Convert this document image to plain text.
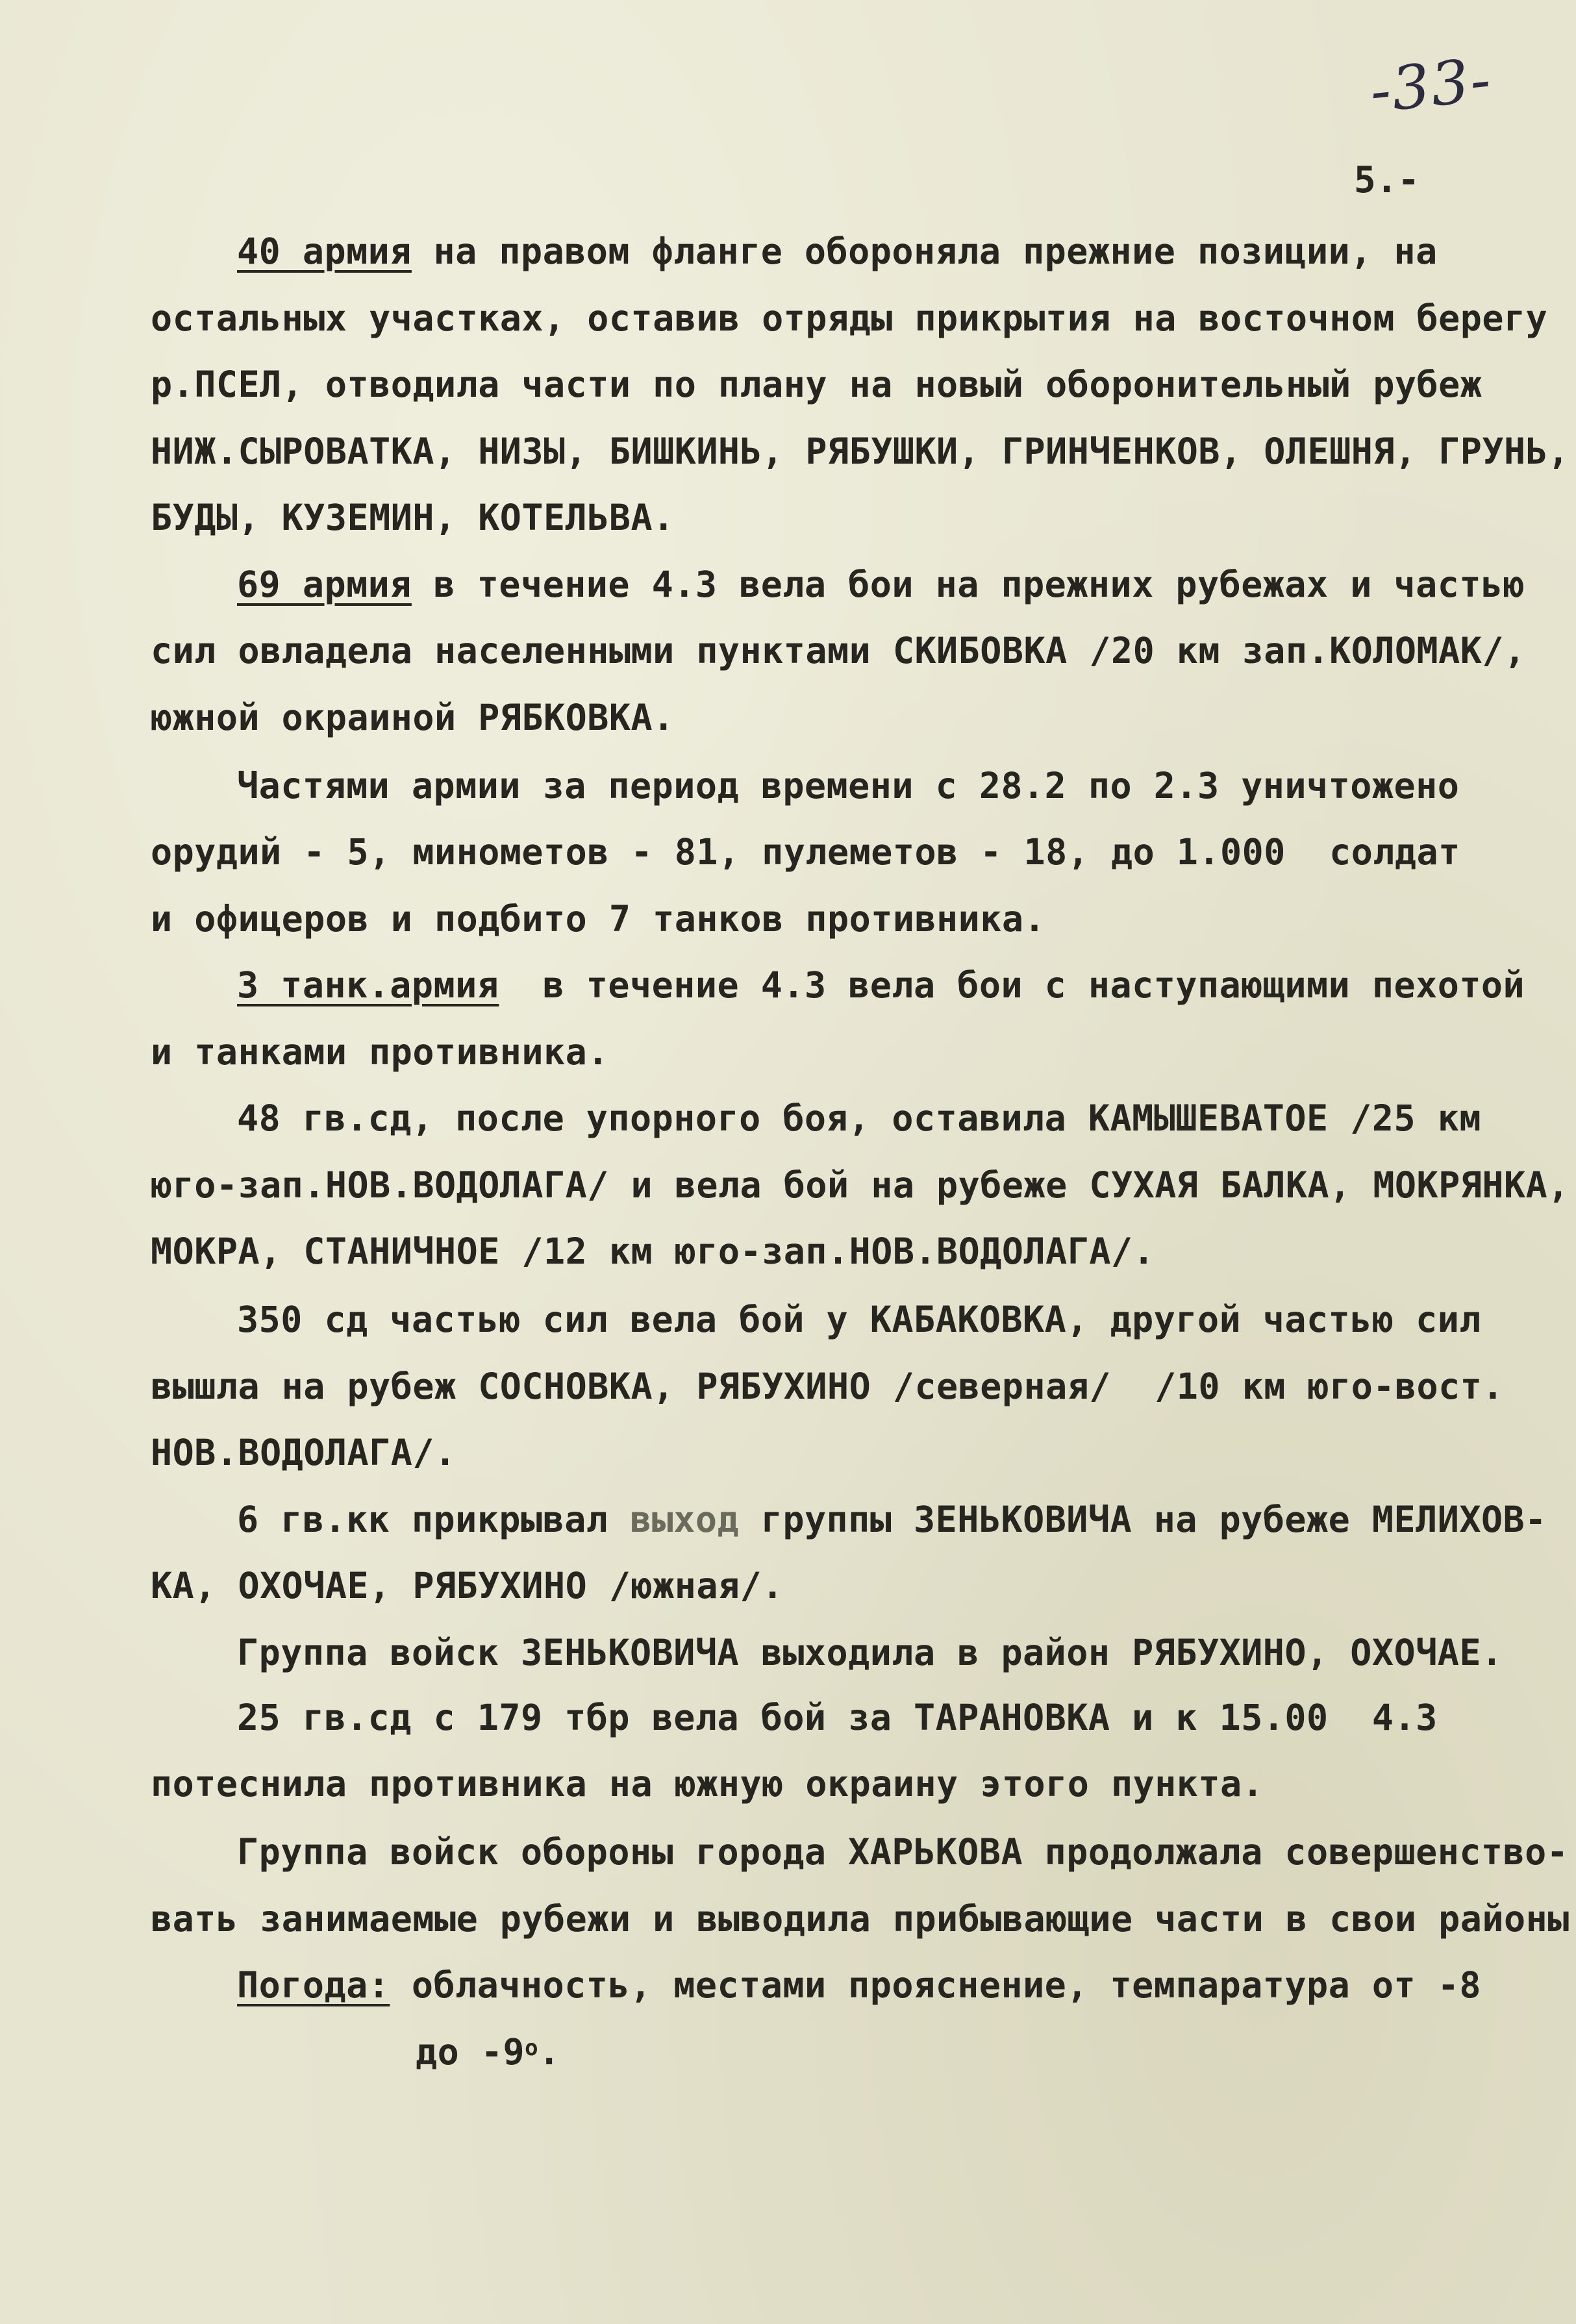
-33-
5.-
40 армия на правом фланге обороняла прежние позиции, на
остальных участках, оставив отряды прикрытия на восточном берегу
р.ПСЕЛ, отводила части по плану на новый оборонительный рубеж
НИЖ.СЫРОВАТКА, НИЗЫ, БИШКИНЬ, РЯБУШКИ, ГРИНЧЕНКОВ, ОЛЕШНЯ, ГРУНЬ,
БУДЫ, КУЗЕМИН, КОТЕЛЬВА.
69 армия в течение 4.3 вела бои на прежних рубежах и частью
сил овладела населенными пунктами СКИБОВКА /20 км зап.КОЛОМАК/,
южной окраиной РЯБКОВКА.
Частями армии за период времени с 28.2 по 2.3 уничтожено
орудий - 5, минометов - 81, пулеметов - 18, до 1.000  солдат
и офицеров и подбито 7 танков противника.
3 танк.армия  в течение 4.3 вела бои с наступающими пехотой
и танками противника.
48 гв.сд, после упорного боя, оставила КАМЫШЕВАТОЕ /25 км
юго-зап.НОВ.ВОДОЛАГА/ и вела бой на рубеже СУХАЯ БАЛКА, МОКРЯНКА,
МОКРА, СТАНИЧНОЕ /12 км юго-зап.НОВ.ВОДОЛАГА/.
350 сд частью сил вела бой у КАБАКОВКА, другой частью сил
вышла на рубеж СОСНОВКА, РЯБУХИНО /северная/  /10 км юго-вост.
НОВ.ВОДОЛАГА/.
6 гв.кк прикрывал выход группы ЗЕНЬКОВИЧА на рубеже МЕЛИХОВ-
КА, ОХОЧАЕ, РЯБУХИНО /южная/.
Группа войск ЗЕНЬКОВИЧА выходила в район РЯБУХИНО, ОХОЧАЕ.
25 гв.сд с 179 тбр вела бой за ТАРАНОВКА и к 15.00  4.3
потеснила противника на южную окраину этого пункта.
Группа войск обороны города ХАРЬКОВА продолжала совершенство-
вать занимаемые рубежи и выводила прибывающие части в свои районы
Погода: облачность, местами прояснение, темпаратура от -8
до $-9^о$.
